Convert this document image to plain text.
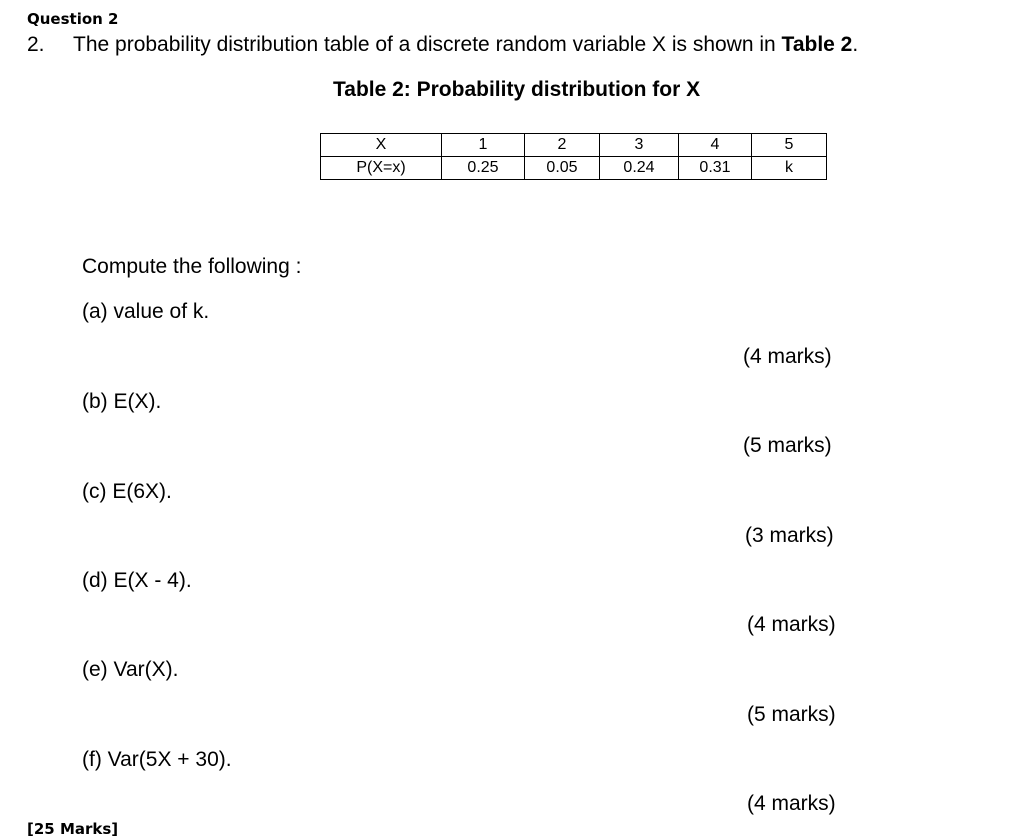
Question 2
2. The probability distribution table of a discrete random variable X is shown in Table 2.
Table 2: Probability distribution for X
X	1	2	3	4	5
P(X=x)	0.25	0.05	0.24	0.31	k
Compute the following :
(a) value of k.
(4 marks)
(b) E(X).
(5 marks)
(c) E(6X).
(3 marks)
(d) E(X - 4).
(4 marks)
(e) Var(X).
(5 marks)
(f) Var(5X + 30).
(4 marks)
[25 Marks]
